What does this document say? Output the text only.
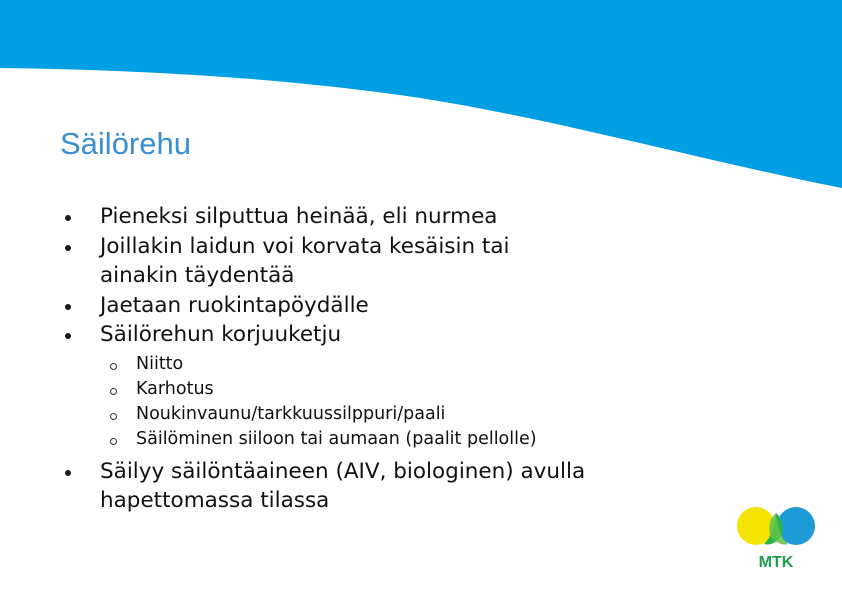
Säilörehu
Pieneksi silputtua heinää, eli nurmea
Joillakin laidun voi korvata kesäisin tai
ainakin täydentää
Jaetaan ruokintapöydälle
Säilörehun korjuuketju
Niitto
Karhotus
Noukinvaunu/tarkkuussilppuri/paali
Säilöminen siiloon tai aumaan (paalit pellolle)
Säilyy säilöntäaineen (AIV, biologinen) avulla
hapettomassa tilassa
MTK
